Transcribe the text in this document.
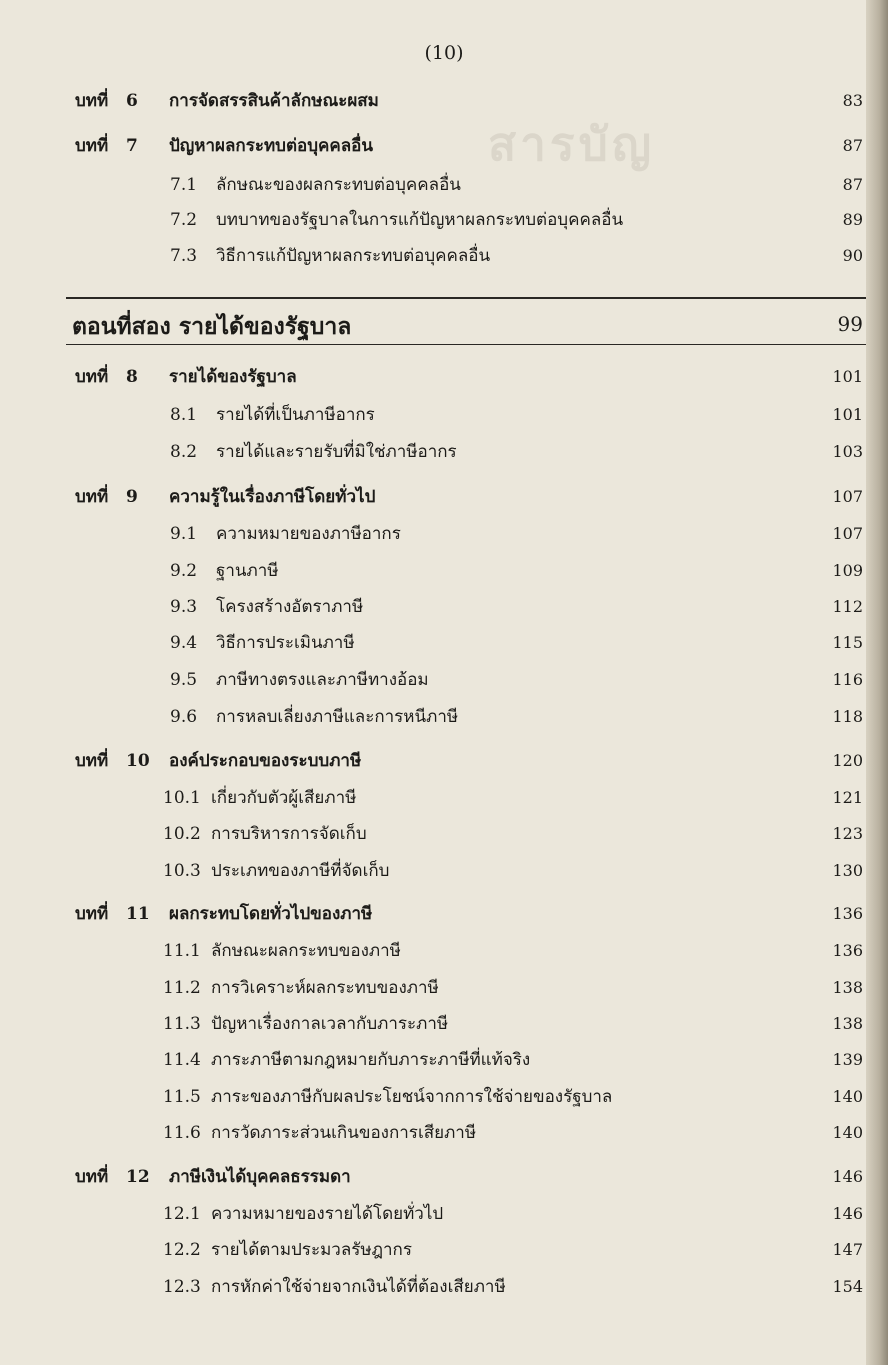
สารบัญ
(10)
บทที่ 6 การจัดสรรสินค้าลักษณะผสม	83
บทที่ 7 ปัญหาผลกระทบต่อบุคคลอื่น	87
7.1 ลักษณะของผลกระทบต่อบุคคลอื่น	87
7.2 บทบาทของรัฐบาลในการแก้ปัญหาผลกระทบต่อบุคคลอื่น	89
7.3 วิธีการแก้ปัญหาผลกระทบต่อบุคคลอื่น	90
ตอนที่สอง รายได้ของรัฐบาล	99
บทที่ 8 รายได้ของรัฐบาล	101
8.1 รายได้ที่เป็นภาษีอากร	101
8.2 รายได้และรายรับที่มิใช่ภาษีอากร	103
บทที่ 9 ความรู้ในเรื่องภาษีโดยทั่วไป	107
9.1 ความหมายของภาษีอากร	107
9.2 ฐานภาษี	109
9.3 โครงสร้างอัตราภาษี	112
9.4 วิธีการประเมินภาษี	115
9.5 ภาษีทางตรงและภาษีทางอ้อม	116
9.6 การหลบเลี่ยงภาษีและการหนีภาษี	118
บทที่ 10 องค์ประกอบของระบบภาษี	120
10.1 เกี่ยวกับตัวผู้เสียภาษี	121
10.2 การบริหารการจัดเก็บ	123
10.3 ประเภทของภาษีที่จัดเก็บ	130
บทที่ 11 ผลกระทบโดยทั่วไปของภาษี	136
11.1 ลักษณะผลกระทบของภาษี	136
11.2 การวิเคราะห์ผลกระทบของภาษี	138
11.3 ปัญหาเรื่องกาลเวลากับภาระภาษี	138
11.4 ภาระภาษีตามกฎหมายกับภาระภาษีที่แท้จริง	139
11.5 ภาระของภาษีกับผลประโยชน์จากการใช้จ่ายของรัฐบาล	140
11.6 การวัดภาระส่วนเกินของการเสียภาษี	140
บทที่ 12 ภาษีเงินได้บุคคลธรรมดา	146
12.1 ความหมายของรายได้โดยทั่วไป	146
12.2 รายได้ตามประมวลรัษฎากร	147
12.3 การหักค่าใช้จ่ายจากเงินได้ที่ต้องเสียภาษี	154
